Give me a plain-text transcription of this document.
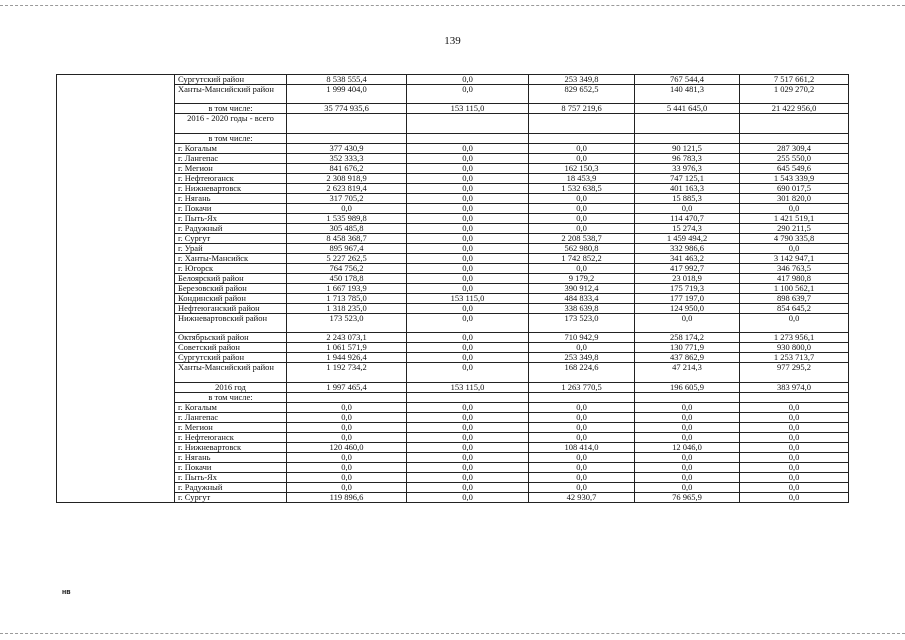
139
	Сургутский район	8 538 555,4	0,0	253 349,8	767 544,4	7 517 661,2
	Ханты-Мансийский район	1 999 404,0	0,0	829 652,5	140 481,3	1 029 270,2
	в том числе:	35 774 935,6	153 115,0	8 757 219,6	5 441 645,0	21 422 956,0
	2016 - 2020 годы - всего					
	в том числе:					
	г. Когалым	377 430,9	0,0	0,0	90 121,5	287 309,4
	г. Лангепас	352 333,3	0,0	0,0	96 783,3	255 550,0
	г. Мегион	841 676,2	0,0	162 150,3	33 976,3	645 549,6
	г. Нефтеюганск	2 308 918,9	0,0	18 453,9	747 125,1	1 543 339,9
	г. Нижневартовск	2 623 819,4	0,0	1 532 638,5	401 163,3	690 017,5
	г. Нягань	317 705,2	0,0	0,0	15 885,3	301 820,0
	г. Покачи	0,0	0,0	0,0	0,0	0,0
	г. Пыть-Ях	1 535 989,8	0,0	0,0	114 470,7	1 421 519,1
	г. Радужный	305 485,8	0,0	0,0	15 274,3	290 211,5
	г. Сургут	8 458 368,7	0,0	2 208 538,7	1 459 494,2	4 790 335,8
	г. Урай	895 967,4	0,0	562 980,8	332 986,6	0,0
	г. Ханты-Мансийск	5 227 262,5	0,0	1 742 852,2	341 463,2	3 142 947,1
	г. Югорск	764 756,2	0,0	0,0	417 992,7	346 763,5
	Белоярский район	450 178,8	0,0	9 179,2	23 018,9	417 980,8
	Березовский район	1 667 193,9	0,0	390 912,4	175 719,3	1 100 562,1
	Кондинский район	1 713 785,0	153 115,0	484 833,4	177 197,0	898 639,7
	Нефтеюганский район	1 318 235,0	0,0	338 639,8	124 950,0	854 645,2
	Нижневартовский район	173 523,0	0,0	173 523,0	0,0	0,0
	Октябрьский район	2 243 073,1	0,0	710 942,9	258 174,2	1 273 956,1
	Советский район	1 061 571,9	0,0	0,0	130 771,9	930 800,0
	Сургутский район	1 944 926,4	0,0	253 349,8	437 862,9	1 253 713,7
	Ханты-Мансийский район	1 192 734,2	0,0	168 224,6	47 214,3	977 295,2
	2016 год	1 997 465,4	153 115,0	1 263 770,5	196 605,9	383 974,0
	в том числе:					
	г. Когалым	0,0	0,0	0,0	0,0	0,0
	г. Лангепас	0,0	0,0	0,0	0,0	0,0
	г. Мегион	0,0	0,0	0,0	0,0	0,0
	г. Нефтеюганск	0,0	0,0	0,0	0,0	0,0
	г. Нижневартовск	120 460,0	0,0	108 414,0	12 046,0	0,0
	г. Нягань	0,0	0,0	0,0	0,0	0,0
	г. Покачи	0,0	0,0	0,0	0,0	0,0
	г. Пыть-Ях	0,0	0,0	0,0	0,0	0,0
	г. Радужный	0,0	0,0	0,0	0,0	0,0
	г. Сургут	119 896,6	0,0	42 930,7	76 965,9	0,0
нв
